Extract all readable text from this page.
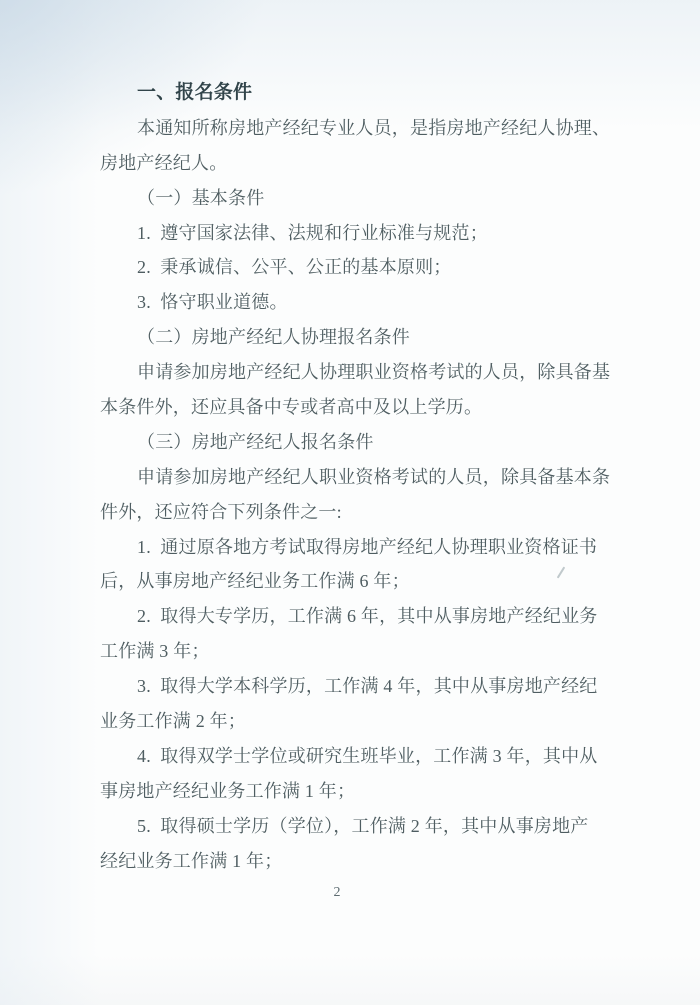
一、报名条件
本通知所称房地产经纪专业人员，是指房地产经纪人协理、
房地产经纪人。
（一）基本条件
1.  遵守国家法律、法规和行业标准与规范；
2.  秉承诚信、公平、公正的基本原则；
3.  恪守职业道德。
（二）房地产经纪人协理报名条件
申请参加房地产经纪人协理职业资格考试的人员，除具备基
本条件外，还应具备中专或者高中及以上学历。
（三）房地产经纪人报名条件
申请参加房地产经纪人职业资格考试的人员，除具备基本条
件外，还应符合下列条件之一:
1.  通过原各地方考试取得房地产经纪人协理职业资格证书
后，从事房地产经纪业务工作满 6 年；
2.  取得大专学历，工作满 6 年，其中从事房地产经纪业务
工作满 3 年；
3.  取得大学本科学历，工作满 4 年，其中从事房地产经纪
业务工作满 2 年；
4.  取得双学士学位或研究生班毕业，工作满 3 年，其中从
事房地产经纪业务工作满 1 年；
5.  取得硕士学历（学位），工作满 2 年，其中从事房地产
经纪业务工作满 1 年；
2
